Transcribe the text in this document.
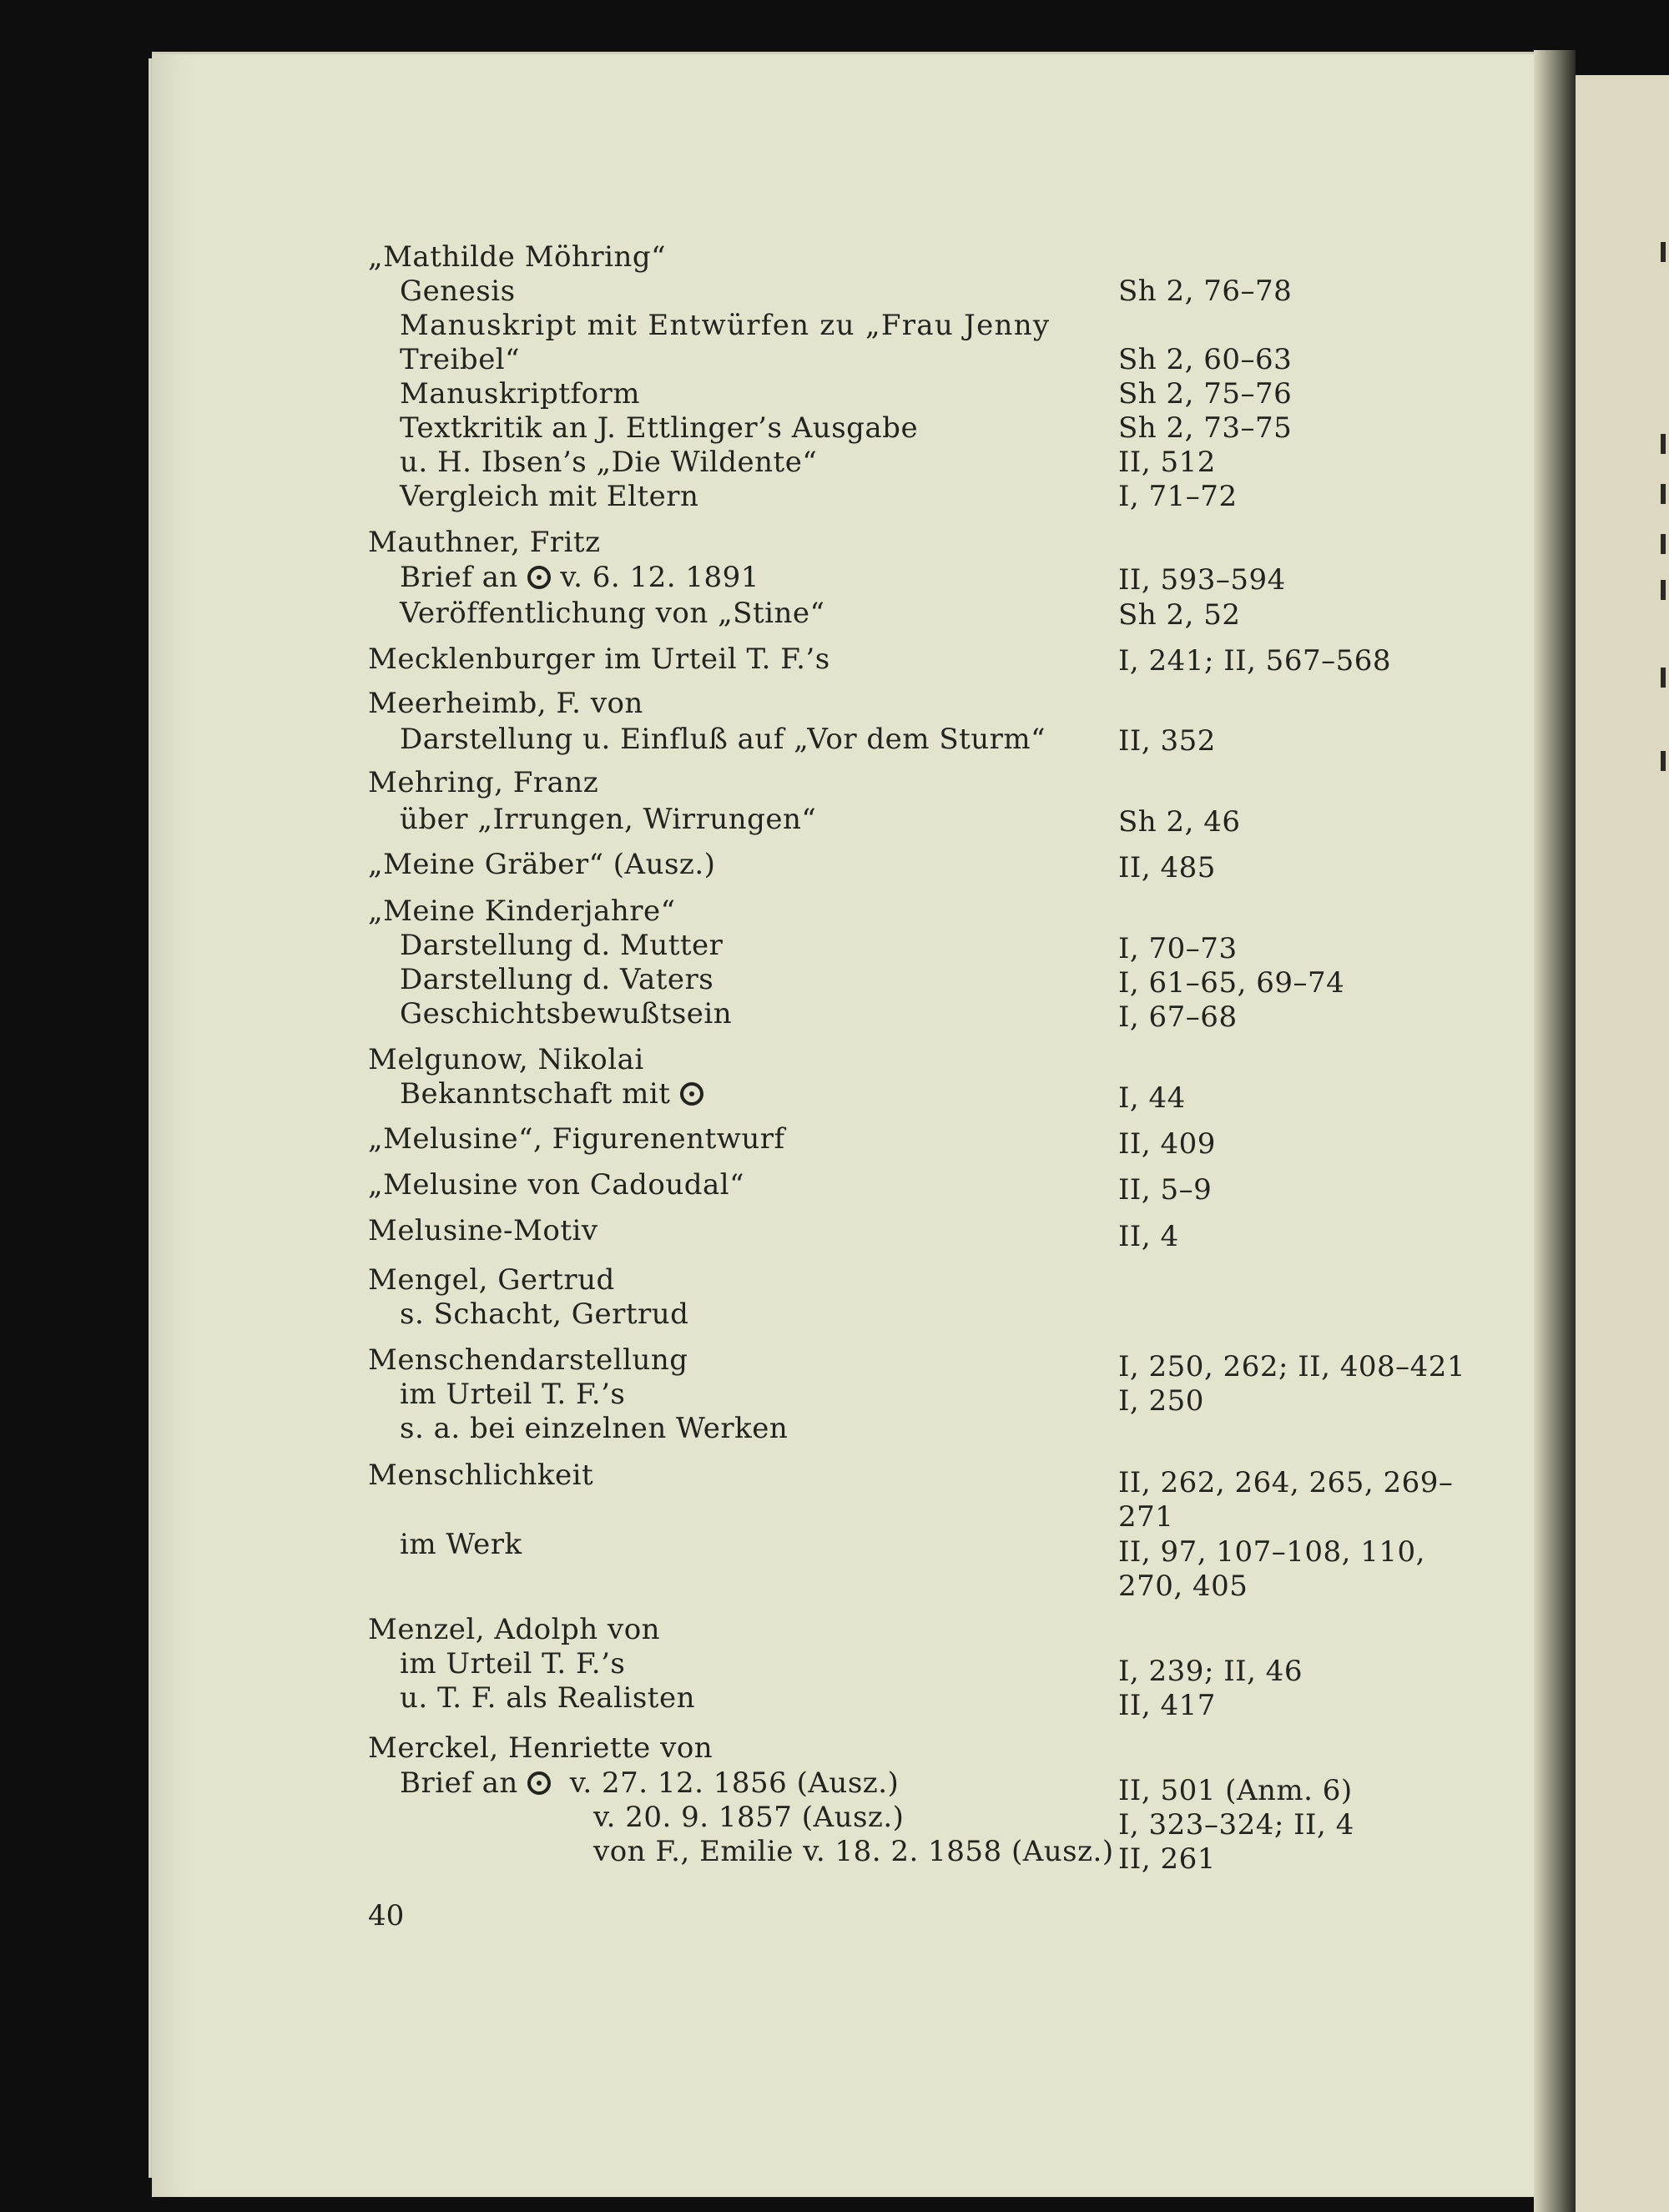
„Mathilde Möhring“
Genesis	Sh 2, 76–78
Manuskript mit Entwürfen zu „Frau Jenny
Treibel“	Sh 2, 60–63
Manuskriptform	Sh 2, 75–76
Textkritik an J. Ettlinger’s Ausgabe	Sh 2, 73–75
u. H. Ibsen’s „Die Wildente“	II, 512
Vergleich mit Eltern	I, 71–72
Mauthner, Fritz
Brief an v. 6. 12. 1891	II, 593–594
Veröffentlichung von „Stine“	Sh 2, 52
Mecklenburger im Urteil T. F.’s	I, 241; II, 567–568
Meerheimb, F. von
Darstellung u. Einfluß auf „Vor dem Sturm“	II, 352
Mehring, Franz
über „Irrungen, Wirrungen“	Sh 2, 46
„Meine Gräber“ (Ausz.)	II, 485
„Meine Kinderjahre“
Darstellung d. Mutter	I, 70–73
Darstellung d. Vaters	I, 61–65, 69–74
Geschichtsbewußtsein	I, 67–68
Melgunow, Nikolai
Bekanntschaft mit	I, 44
„Melusine“, Figurenentwurf	II, 409
„Melusine von Cadoudal“	II, 5–9
Melusine-Motiv	II, 4
Mengel, Gertrud
s. Schacht, Gertrud
Menschendarstellung	I, 250, 262; II, 408–421
im Urteil T. F.’s	I, 250
s. a. bei einzelnen Werken
Menschlichkeit	II, 262, 264, 265, 269–
271
im Werk	II, 97, 107–108, 110,
270, 405
Menzel, Adolph von
im Urteil T. F.’s	I, 239; II, 46
u. T. F. als Realisten	II, 417
Merckel, Henriette von
Brief an v. 27. 12. 1856 (Ausz.)	II, 501 (Anm. 6)
v. 20. 9. 1857 (Ausz.)	I, 323–324; II, 4
von F., Emilie v. 18. 2. 1858 (Ausz.) II, 261
40
